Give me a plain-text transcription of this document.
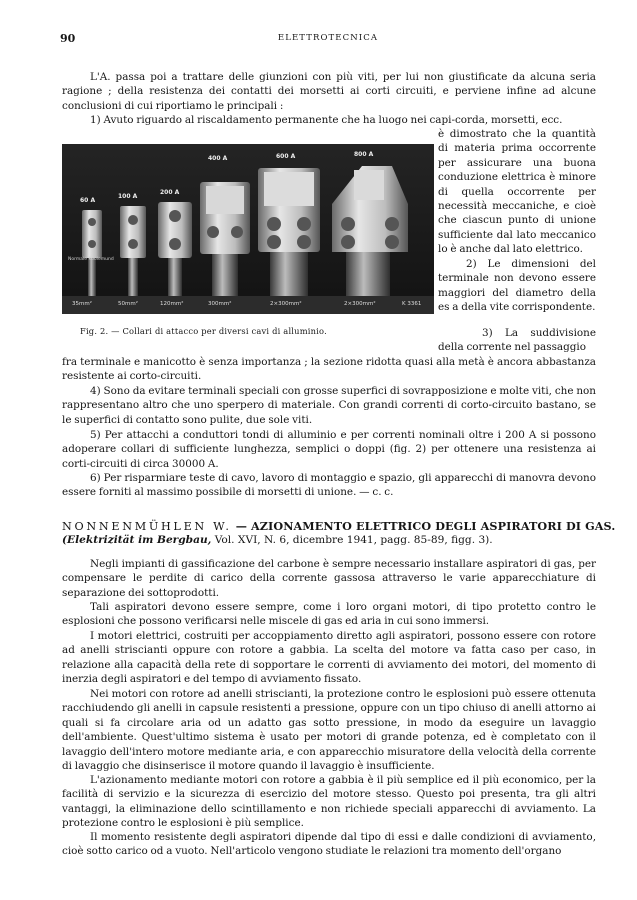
90	ELETTROTECNICA

L'A. passa poi a trattare delle giunzioni con più viti, per lui non giustificate da alcuna seria ragione ; della resistenza dei contatti dei morsetti ai corti circuiti, e perviene infine ad alcune conclusioni di cui riportiamo le principali :

1) Avuto riguardo al riscaldamento permanente che ha luogo nei capi-corda, morsetti, ecc.

60 A
100 A
200 A
400 A	600 A	800 A
35mm²	50mm²	120mm²	300mm²	2×300mm²	2×300mm²	K 3361
Normale Koolemund
Fig. 2. — Collari di attacco per diversi cavi di alluminio.

è dimostrato che la quantità di materia prima occorrente per assicurare una buona conduzione elettrica è minore di quella occorrente per necessità meccaniche, e cioè che ciascun punto di unione sufficiente dal lato meccanico lo è anche dal lato elettrico.

2) Le dimensioni del terminale non devono essere maggiori del diametro della es a della vite corrispondente.

3) La suddivisione della corrente nel passaggio

fra terminale e manicotto è senza importanza ; la sezione ridotta quasi alla metà è ancora abbastanza resistente ai corto-circuiti.

4) Sono da evitare terminali speciali con grosse superfici di sovrapposizione e molte viti, che non rappresentano altro che uno sperpero di materiale. Con grandi correnti di corto-circuito bastano, se le superfici di contatto sono pulite, due sole viti.

5) Per attacchi a conduttori tondi di alluminio e per correnti nominali oltre i 200 A si possono adoperare collari di sufficiente lunghezza, semplici o doppi (fig. 2) per ottenere una resistenza ai corti-circuiti di circa 30000 A.

6) Per risparmiare teste di cavo, lavoro di montaggio e spazio, gli apparecchi di manovra devono essere forniti al massimo possibile di morsetti di unione. — c. c.

NONNENMÜHLEN W. — AZIONAMENTO ELETTRICO DEGLI ASPIRATORI DI GAS.
(Elektrizität im Bergbau, Vol. XVI, N. 6, dicembre 1941, pagg. 85-89, figg. 3).

Negli impianti di gassificazione del carbone è sempre necessario installare aspiratori di gas, per compensare le perdite di carico della corrente gassosa attraverso le varie apparecchiature di separazione dei sottoprodotti.

Tali aspiratori devono essere sempre, come i loro organi motori, di tipo protetto contro le esplosioni che possono verificarsi nelle miscele di gas ed aria in cui sono immersi.

I motori elettrici, costruiti per accoppiamento diretto agli aspiratori, possono essere con rotore ad anelli striscianti oppure con rotore a gabbia. La scelta del motore va fatta caso per caso, in relazione alla capacità della rete di sopportare le correnti di avviamento dei motori, del momento di inerzia degli aspiratori e del tempo di avviamento fissato.

Nei motori con rotore ad anelli striscianti, la protezione contro le esplosioni può essere ottenuta racchiudendo gli anelli in capsule resistenti a pressione, oppure con un tipo chiuso di anelli attorno ai quali si fa circolare aria od un adatto gas sotto pressione, in modo da eseguire un lavaggio dell'ambiente. Quest'ultimo sistema è usato per motori di grande potenza, ed è completato con il lavaggio dell'intero motore mediante aria, e con apparecchio misuratore della velocità della corrente di lavaggio che disinserisce il motore quando il lavaggio è insufficiente.

L'azionamento mediante motori con rotore a gabbia è il più semplice ed il più economico, per la facilità di servizio e la sicurezza di esercizio del motore stesso. Questo poi presenta, tra gli altri vantaggi, la eliminazione dello scintillamento e non richiede speciali apparecchi di avviamento. La protezione contro le esplosioni è più semplice.

Il momento resistente degli aspiratori dipende dal tipo di essi e dalle condizioni di avviamento, cioè sotto carico od a vuoto. Nell'articolo vengono studiate le relazioni tra momento dell'organo
